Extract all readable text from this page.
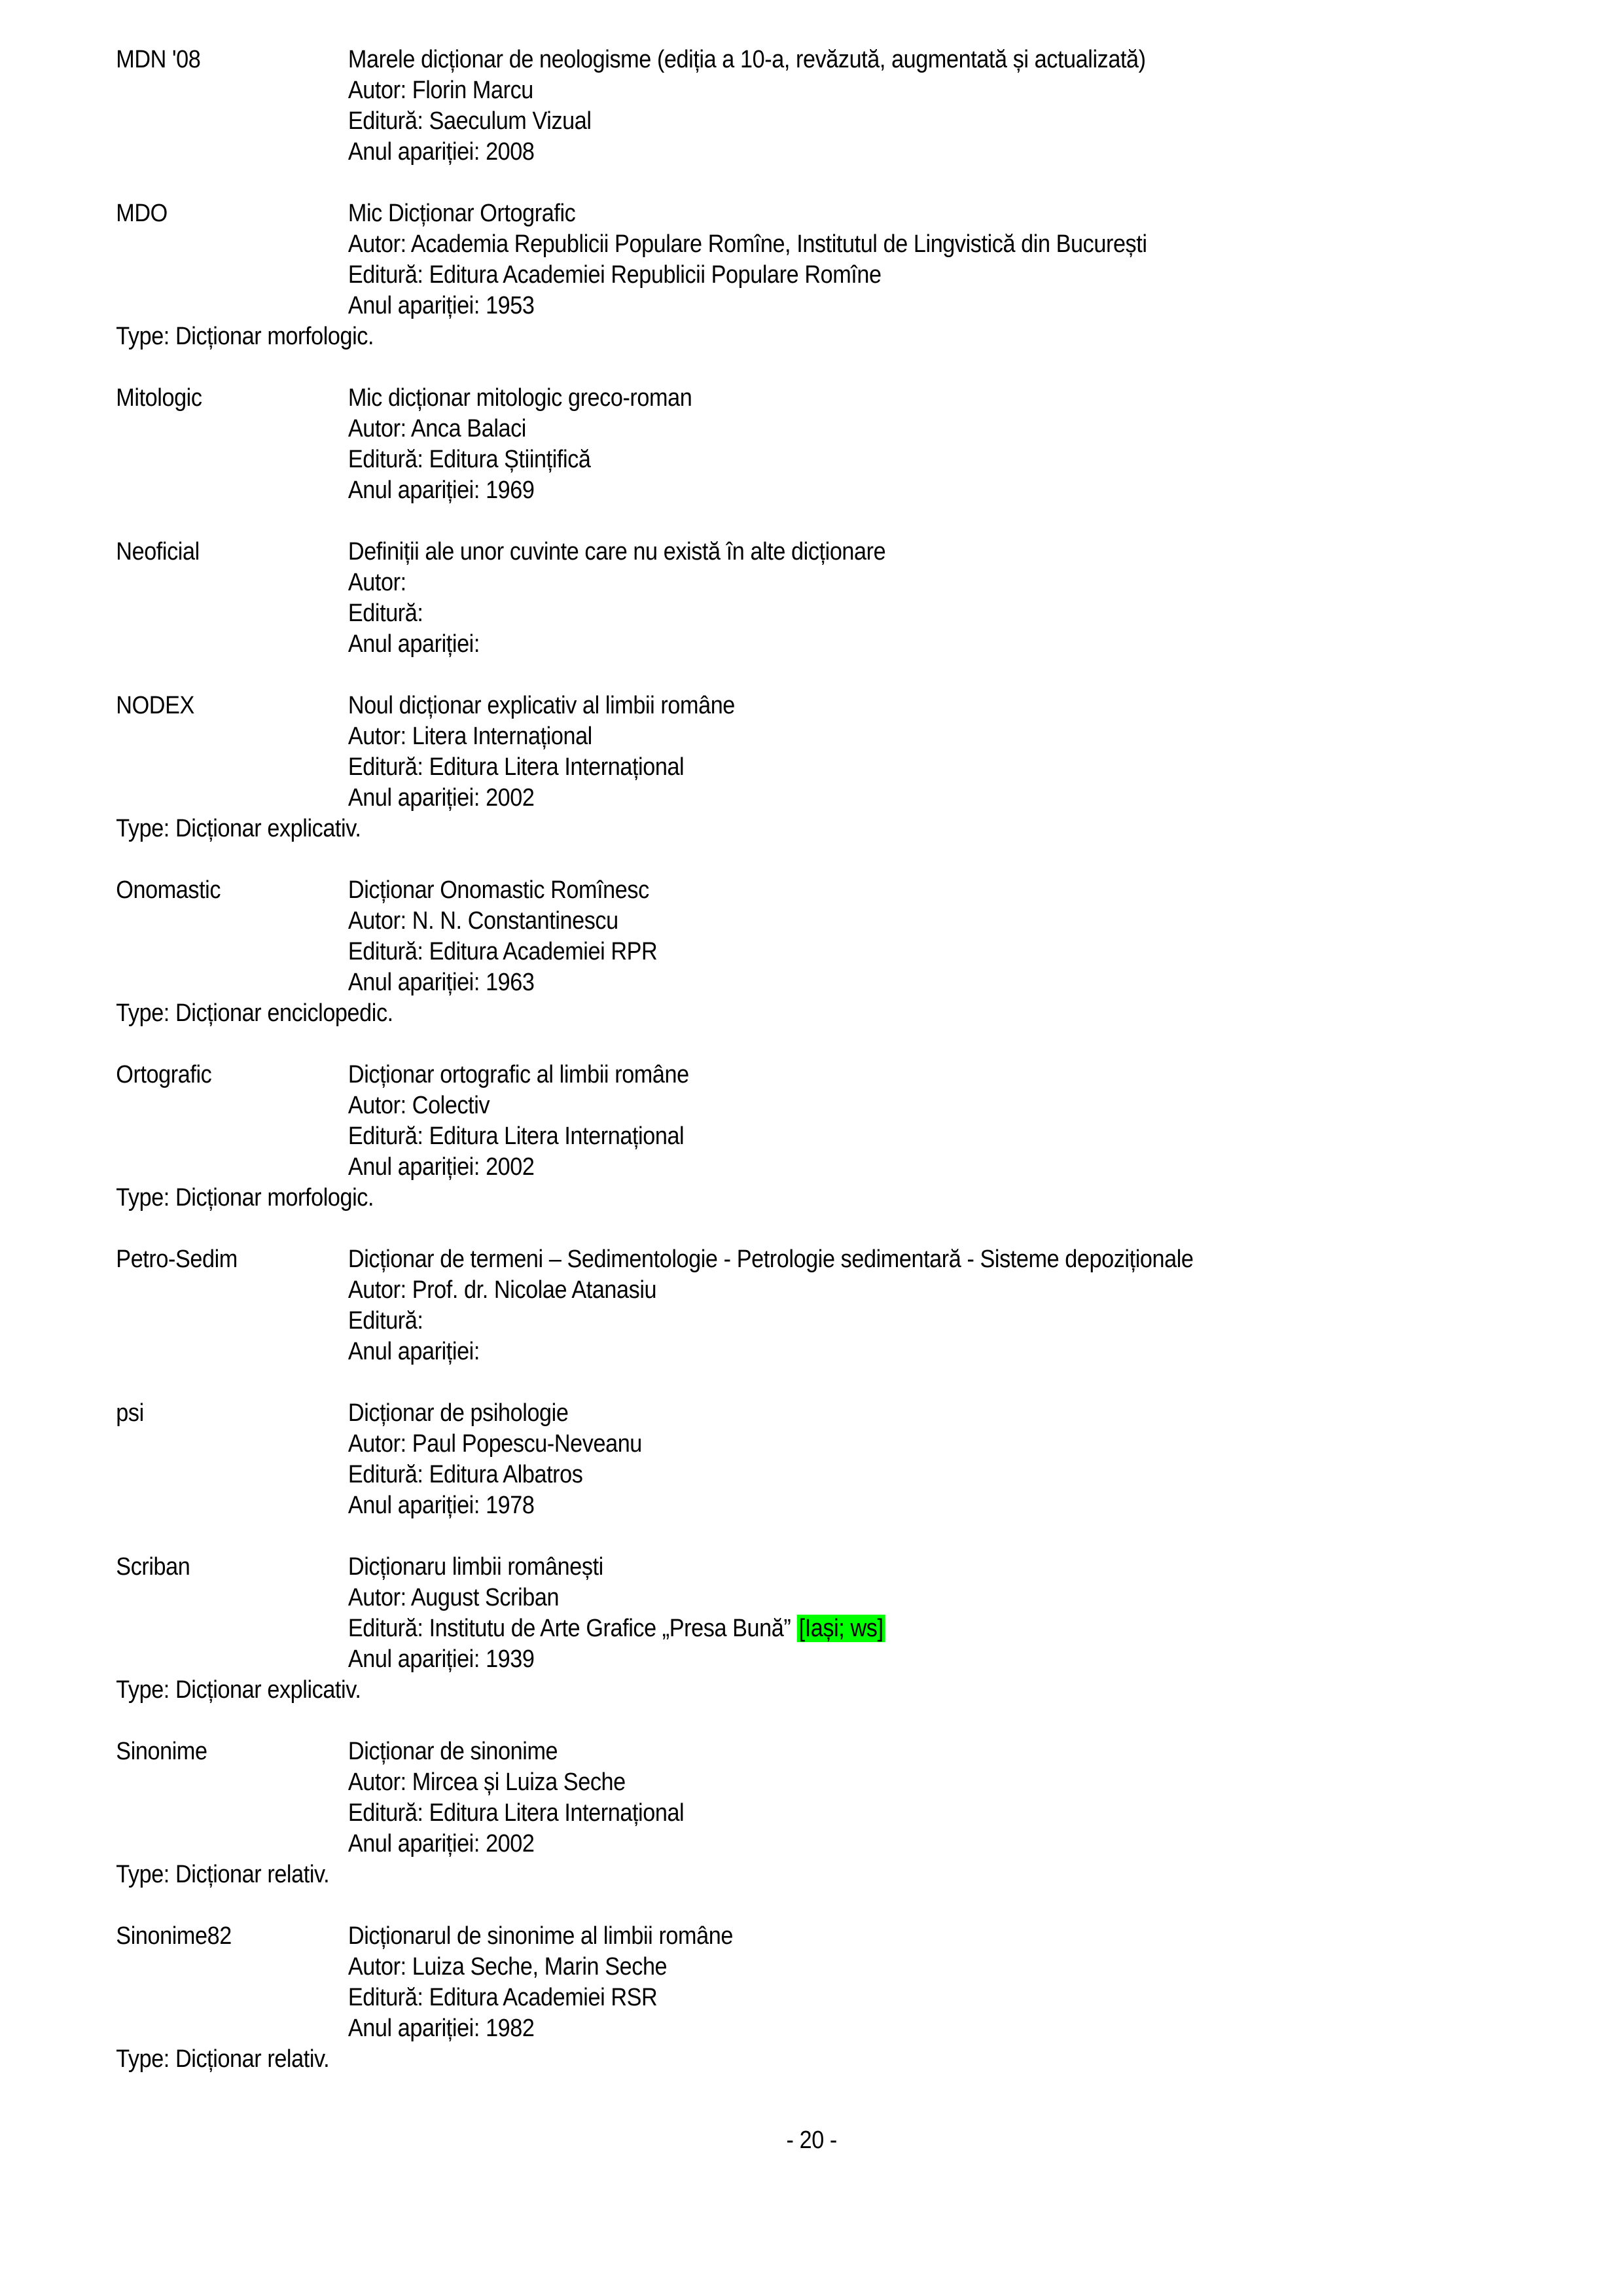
MDN '08	Marele dicționar de neologisme (ediția a 10-a, revăzută, augmentată și actualizată)
Autor: Florin Marcu
Editură: Saeculum Vizual
Anul apariției: 2008
MDO	Mic Dicționar Ortografic
Autor: Academia Republicii Populare Romîne, Institutul de Lingvistică din București
Editură: Editura Academiei Republicii Populare Romîne
Anul apariției: 1953
Type: Dicționar morfologic.
Mitologic	Mic dicționar mitologic greco-roman
Autor: Anca Balaci
Editură: Editura Științifică
Anul apariției: 1969
Neoficial	Definiții ale unor cuvinte care nu există în alte dicționare
Autor:
Editură:
Anul apariției:
NODEX	Noul dicționar explicativ al limbii române
Autor: Litera Internațional
Editură: Editura Litera Internațional
Anul apariției: 2002
Type: Dicționar explicativ.
Onomastic	Dicționar Onomastic Romînesc
Autor: N. N. Constantinescu
Editură: Editura Academiei RPR
Anul apariției: 1963
Type: Dicționar enciclopedic.
Ortografic	Dicționar ortografic al limbii române
Autor: Colectiv
Editură: Editura Litera Internațional
Anul apariției: 2002
Type: Dicționar morfologic.
Petro-Sedim	Dicționar de termeni – Sedimentologie - Petrologie sedimentară - Sisteme depoziționale
Autor: Prof. dr. Nicolae Atanasiu
Editură:
Anul apariției:
psi	Dicționar de psihologie
Autor: Paul Popescu-Neveanu
Editură: Editura Albatros
Anul apariției: 1978
Scriban	Dicționaru limbii românești
Autor: August Scriban
Editură: Institutu de Arte Grafice „Presa Bună” [Iași; ws]
Anul apariției: 1939
Type: Dicționar explicativ.
Sinonime	Dicționar de sinonime
Autor: Mircea și Luiza Seche
Editură: Editura Litera Internațional
Anul apariției: 2002
Type: Dicționar relativ.
Sinonime82	Dicționarul de sinonime al limbii române
Autor: Luiza Seche, Marin Seche
Editură: Editura Academiei RSR
Anul apariției: 1982
Type: Dicționar relativ.
- 20 -
